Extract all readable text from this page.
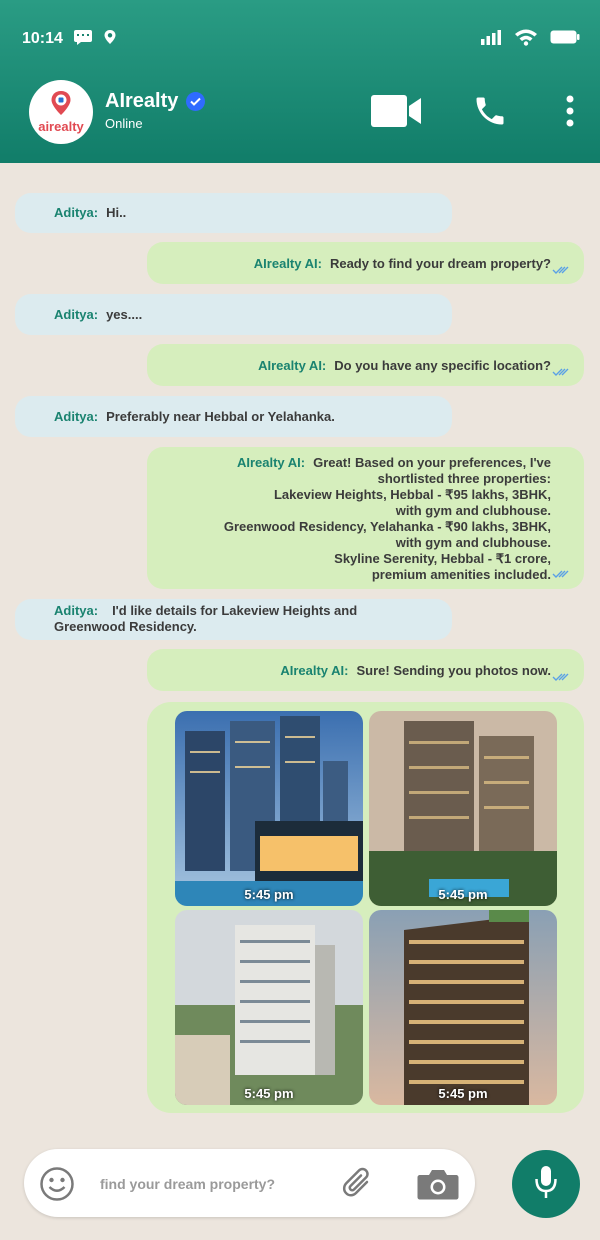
10:14
airealty
AIrealty
Online
Aditya: Hi..
AIrealty AI: Ready to find your dream property?
Aditya: yes....
AIrealty AI: Do you have any specific location?
Aditya: Preferably near Hebbal or Yelahanka.
AIrealty AI: Great! Based on your preferences, I've
shortlisted three properties:
Lakeview Heights, Hebbal - ₹95 lakhs, 3BHK,
with gym and clubhouse.
Greenwood Residency, Yelahanka - ₹90 lakhs, 3BHK,
with gym and clubhouse.
Skyline Serenity, Hebbal - ₹1 crore,
premium amenities included.
Aditya: I'd like details for Lakeview Heights and
Greenwood Residency.
AIrealty AI: Sure! Sending you photos now.
5:45 pm	5:45 pm
5:45 pm	5:45 pm
find your dream property?
